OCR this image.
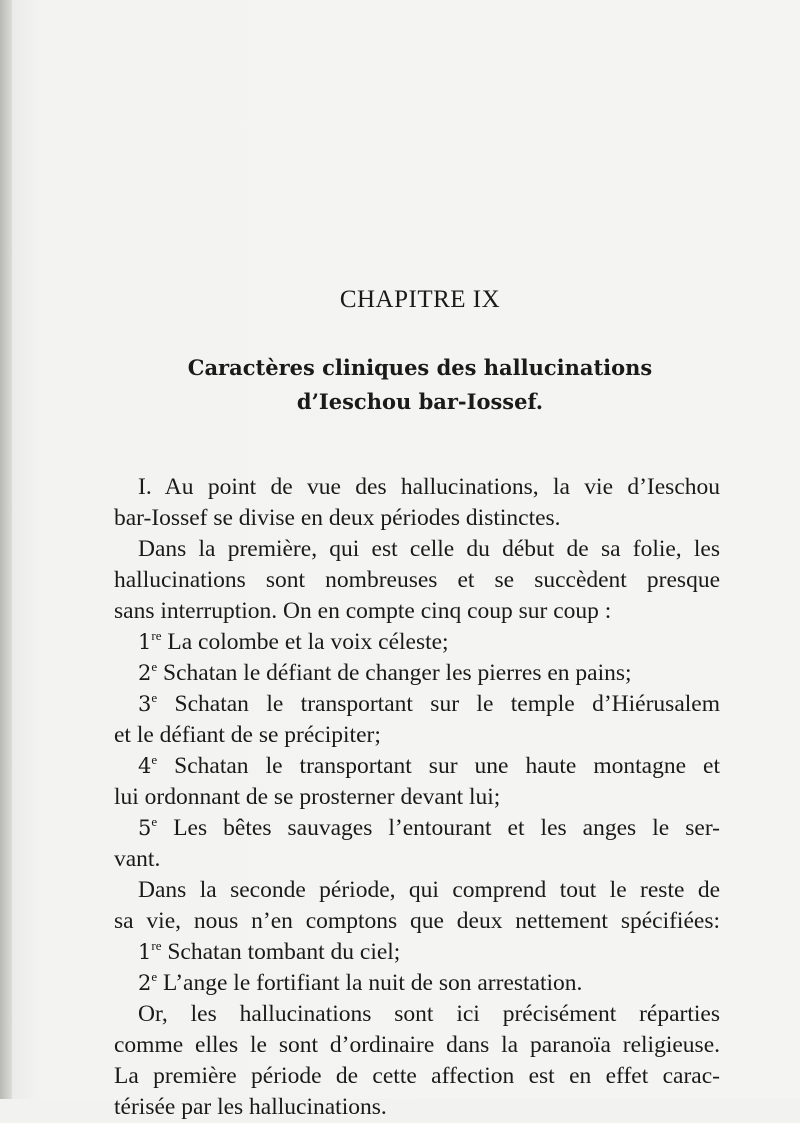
CHAPITRE IX
Caractères cliniques des hallucinations
d’Ieschou bar-Iossef.

I. Au point de vue des hallucinations, la vie d’Ieschou

bar-Iossef se divise en deux périodes distinctes.

Dans la première, qui est celle du début de sa folie, les

hallucinations sont nombreuses et se succèdent presque

sans interruption. On en compte cinq coup sur coup :

1re La colombe et la voix céleste;

2e Schatan le défiant de changer les pierres en pains;

3e Schatan le transportant sur le temple d’Hiérusalem

et le défiant de se précipiter;

4e Schatan le transportant sur une haute montagne et

lui ordonnant de se prosterner devant lui;

5e Les bêtes sauvages l’entourant et les anges le ser-

vant.

Dans la seconde période, qui comprend tout le reste de

sa vie, nous n’en comptons que deux nettement spécifiées:

1re Schatan tombant du ciel;

2e L’ange le fortifiant la nuit de son arrestation.

Or, les hallucinations sont ici précisément réparties

comme elles le sont d’ordinaire dans la paranoïa religieuse.

La première période de cette affection est en effet carac-

térisée par les hallucinations.
